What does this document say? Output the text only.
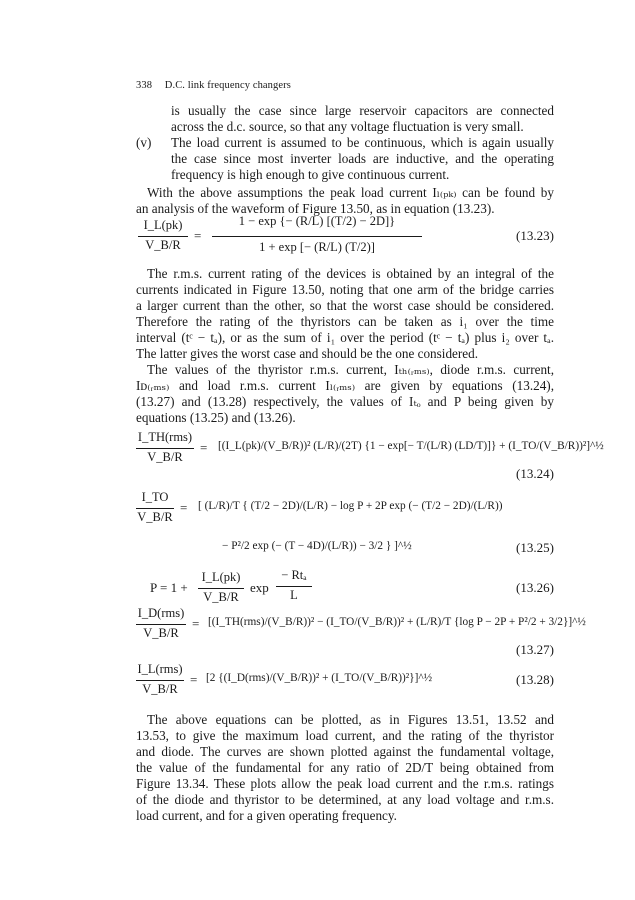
338 D.C. link frequency changers
is usually the case since large reservoir capacitors are connected
across the d.c. source, so that any voltage fluctuation is very small.
(v) The load current is assumed to be continuous, which is again usually
the case since most inverter loads are inductive, and the operating
frequency is high enough to give continuous current.
With the above assumptions the peak load current Iₗ₍ₚₖ₎ can be found by
an analysis of the waveform of Figure 13.50, as in equation (13.23).
I_L(pk)
V_B/R
=
1 − exp {− (R/L) [(T/2) − 2D]}
1 + exp [− (R/L) (T/2)]
(13.23)
The r.m.s. current rating of the devices is obtained by an integral of the
currents indicated in Figure 13.50, noting that one arm of the bridge carries
a larger current than the other, so that the worst case should be considered.
Therefore the rating of the thyristors can be taken as i₁ over the time
interval (tᶜ − tₐ), or as the sum of i₁ over the period (tᶜ − tₐ) plus i₂ over tₐ.
The latter gives the worst case and should be the one considered.
The values of the thyristor r.m.s. current, Iₜₕ₍ᵣₘₛ₎, diode r.m.s. current,
Iᴅ₍ᵣₘₛ₎ and load r.m.s. current Iₗ₍ᵣₘₛ₎ are given by equations (13.24),
(13.27) and (13.28) respectively, the values of Iₜₒ and P being given by
equations (13.25) and (13.26).
I_TH(rms)
V_B/R
= [(I_L(pk)/(V_B/R))² (L/R)/(2T) {1 − exp[− T/(L/R) (LD/T)]} + (I_TO/(V_B/R))²]^½
(13.24)
I_TO
V_B/R
= [ (L/R)/T { (T/2 − 2D)/(L/R) − log P + 2P exp (− (T/2 − 2D)/(L/R))
− P²/2 exp (− (T − 4D)/(L/R)) − 3/2 } ]^½	(13.25)
P = 1 +
I_L(pk)
V_B/R
exp
− Rtₐ
L	(13.26)
I_D(rms)
V_B/R
= [(I_TH(rms)/(V_B/R))² − (I_TO/(V_B/R))² + (L/R)/T {log P − 2P + P²/2 + 3/2}]^½
(13.27)
I_L(rms)
V_B/R
= [2 {(I_D(rms)/(V_B/R))² + (I_TO/(V_B/R))²}]^½	(13.28)
The above equations can be plotted, as in Figures 13.51, 13.52 and
13.53, to give the maximum load current, and the rating of the thyristor
and diode. The curves are shown plotted against the fundamental voltage,
the value of the fundamental for any ratio of 2D/T being obtained from
Figure 13.34. These plots allow the peak load current and the r.m.s. ratings
of the diode and thyristor to be determined, at any load voltage and r.m.s.
load current, and for a given operating frequency.
